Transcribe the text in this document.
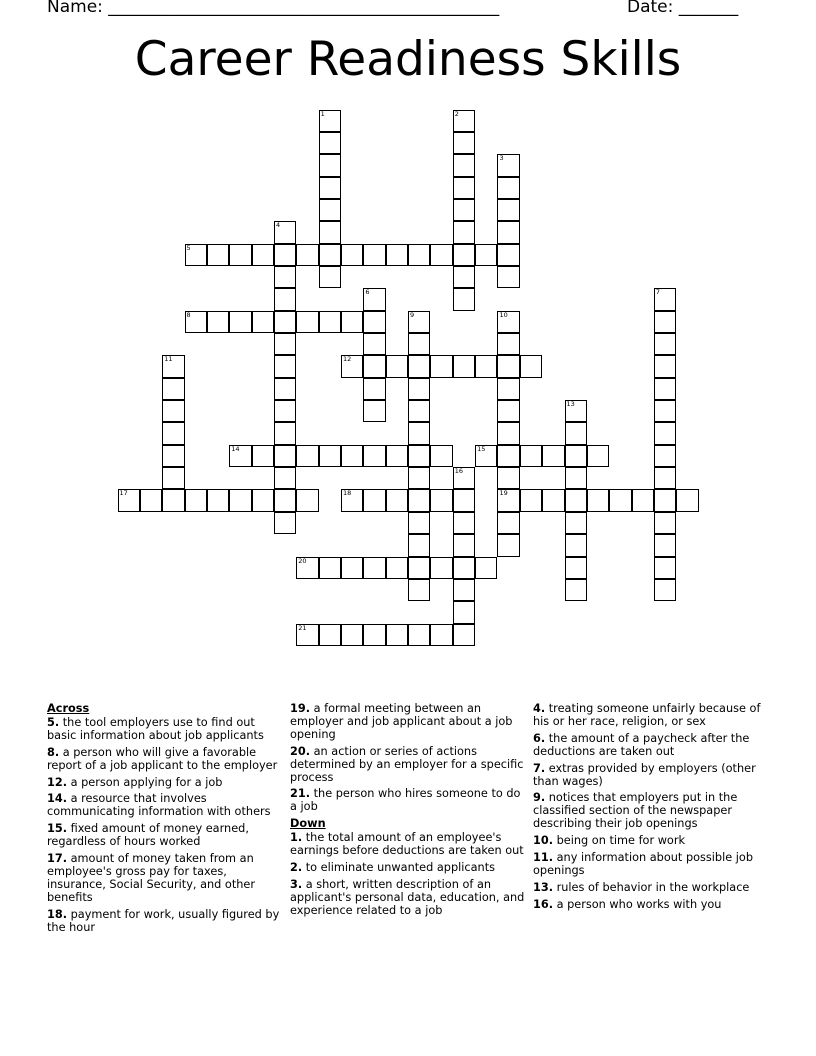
Name: ______________________________________________	Date: _______
Career Readiness Skills
1	2
3
4
5
6	7
8	9	10
19
11	12
13
14	15
16
17	18
20
21
Across
5. the tool employers use to find out basic information about job applicants
8. a person who will give a favorable report of a job applicant to the employer
12. a person applying for a job
14. a resource that involves communicating information with others
15. fixed amount of money earned, regardless of hours worked
17. amount of money taken from an employee's gross pay for taxes, insurance, Social Security, and other benefits
18. payment for work, usually figured by the hour
19. a formal meeting between an employer and job applicant about a job opening
20. an action or series of actions determined by an employer for a specific process
21. the person who hires someone to do a job
Down
1. the total amount of an employee's earnings before deductions are taken out
2. to eliminate unwanted applicants
3. a short, written description of an applicant's personal data, education, and experience related to a job
4. treating someone unfairly because of his or her race, religion, or sex
6. the amount of a paycheck after the deductions are taken out
7. extras provided by employers (other than wages)
9. notices that employers put in the classified section of the newspaper describing their job openings
10. being on time for work
11. any information about possible job openings
13. rules of behavior in the workplace
16. a person who works with you
